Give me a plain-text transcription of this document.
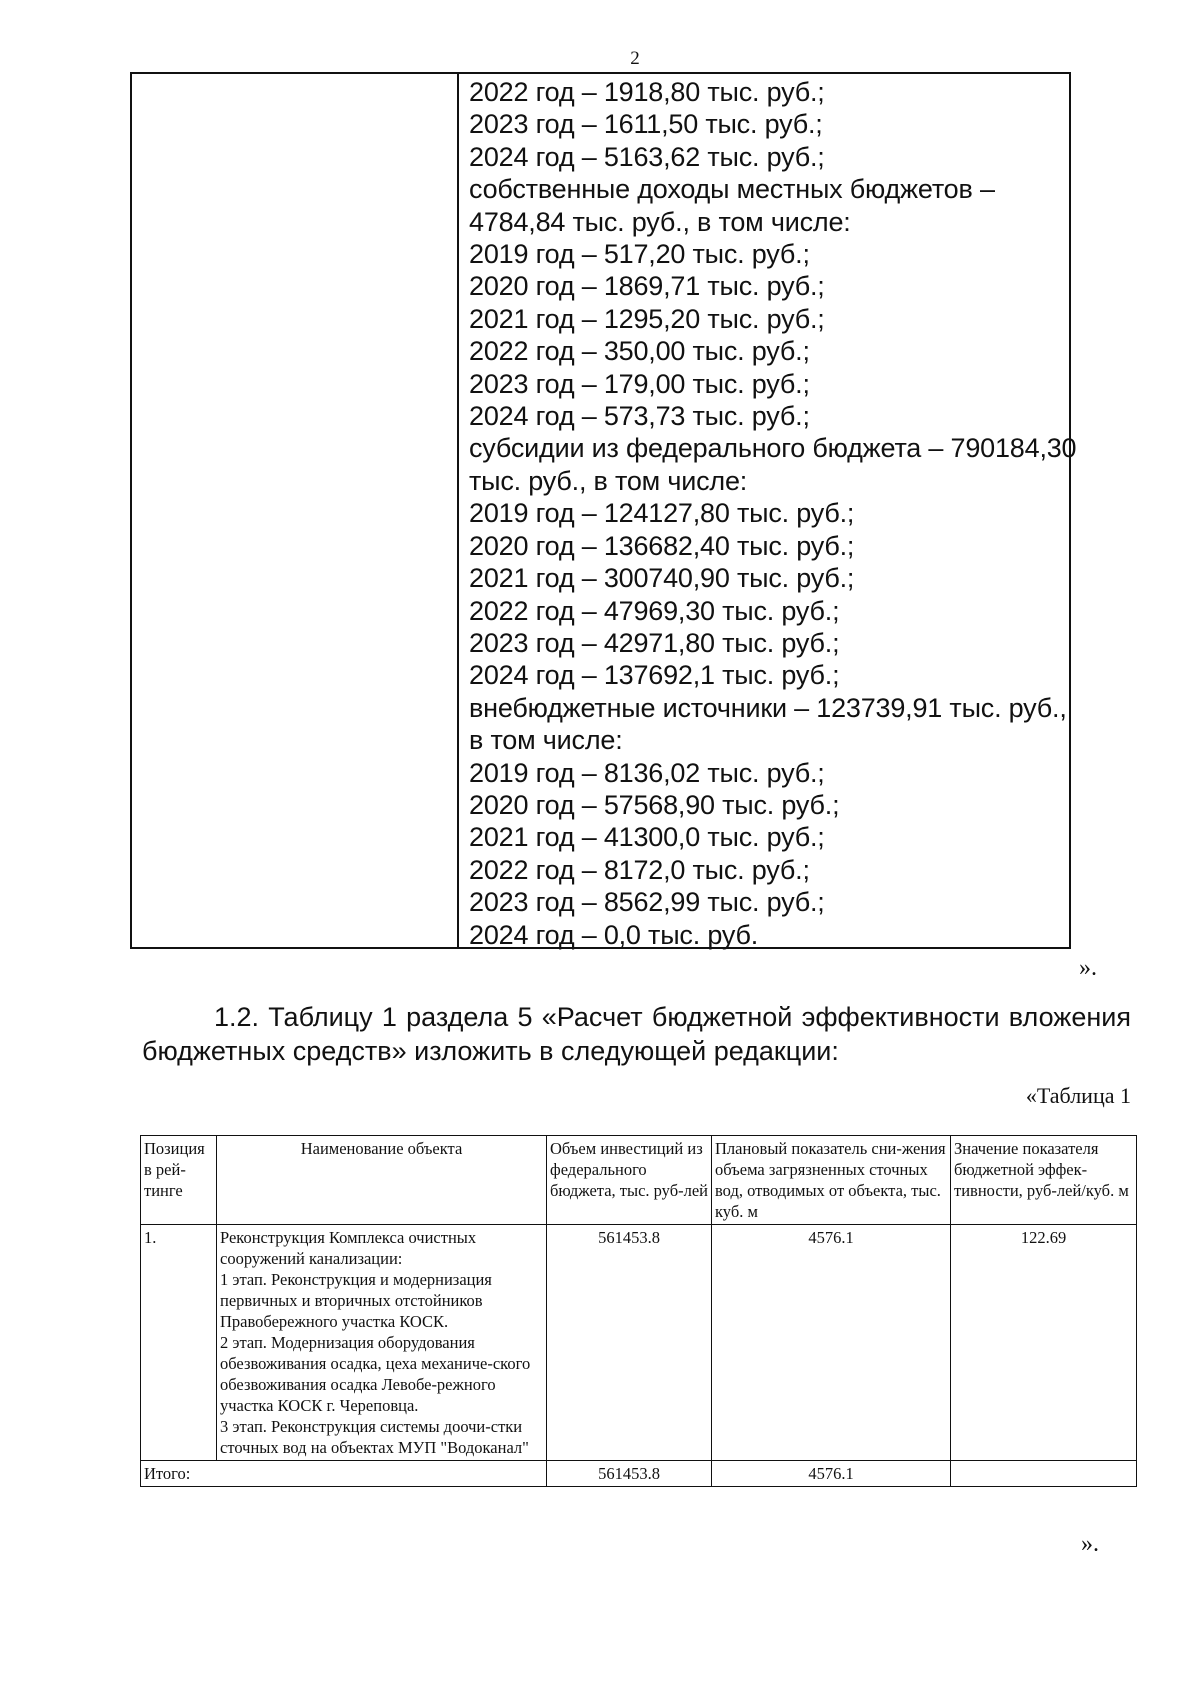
2
2022 год – 1918,80 тыс. руб.;
2023 год – 1611,50 тыс. руб.;
2024 год – 5163,62 тыс. руб.;
собственные доходы местных бюджетов –
4784,84 тыс. руб., в том числе:
2019 год – 517,20 тыс. руб.;
2020 год – 1869,71 тыс. руб.;
2021 год – 1295,20 тыс. руб.;
2022 год – 350,00 тыс. руб.;
2023 год – 179,00 тыс. руб.;
2024 год – 573,73 тыс. руб.;
субсидии из федерального бюджета – 790184,30
тыс. руб., в том числе:
2019 год – 124127,80 тыс. руб.;
2020 год – 136682,40 тыс. руб.;
2021 год – 300740,90 тыс. руб.;
2022 год – 47969,30 тыс. руб.;
2023 год – 42971,80 тыс. руб.;
2024 год – 137692,1 тыс. руб.;
внебюджетные источники – 123739,91 тыс. руб.,
в том числе:
2019 год – 8136,02 тыс. руб.;
2020 год – 57568,90 тыс. руб.;
2021 год – 41300,0 тыс. руб.;
2022 год – 8172,0 тыс. руб.;
2023 год – 8562,99 тыс. руб.;
2024 год – 0,0 тыс. руб.
».
1.2. Таблицу 1 раздела 5 «Расчет бюджетной эффективности вложения бюджетных средств» изложить в следующей редакции:
«Таблица 1
Позиция в рей-тинге	Наименование объекта	Объем инвестиций из федерального бюджета, тыс. руб-лей	Плановый показатель сни-жения объема загрязненных сточных вод, отводимых от объекта, тыс. куб. м	Значение показателя бюджетной эффек-тивности, руб-лей/куб. м
1.	Реконструкция Комплекса очистных сооружений канализации:
1 этап. Реконструкция и модернизация первичных и вторичных отстойников Правобережного участка КОСК.
2 этап. Модернизация оборудования обезвоживания осадка, цеха механиче-ского обезвоживания осадка Левобе-режного участка КОСК г. Череповца.
3 этап. Реконструкция системы доочи-стки сточных вод на объектах МУП "Водоканал"	561453.8	4576.1	122.69
Итого:		561453.8	4576.1	
».
